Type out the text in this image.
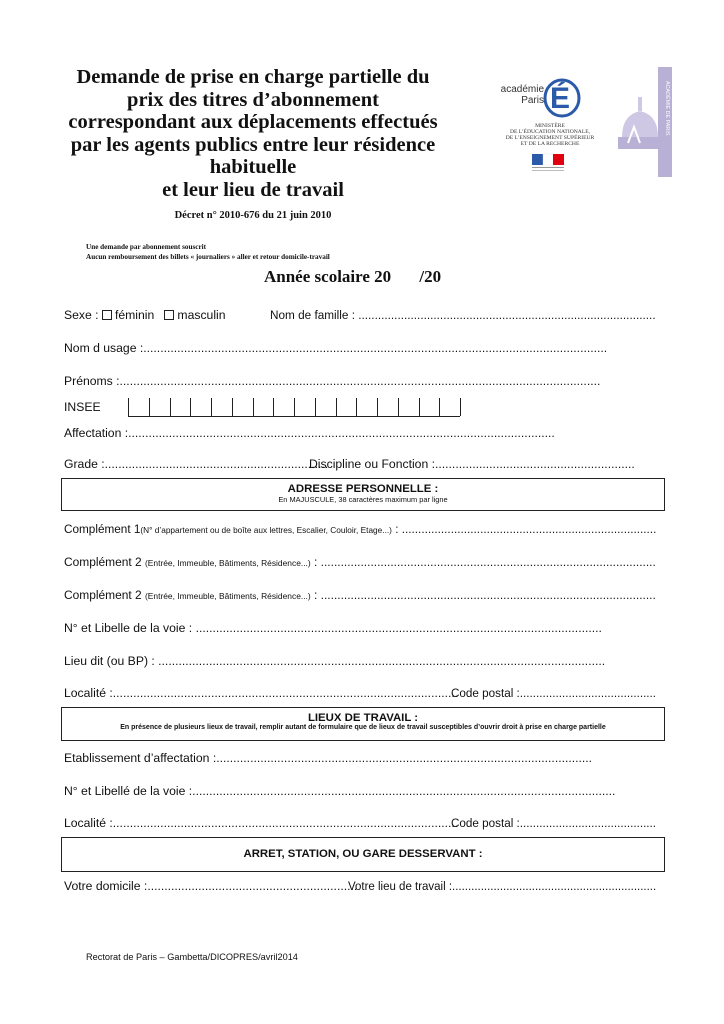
Demande de prise en charge partielle du
prix des titres d’abonnement
correspondant aux déplacements effectués
par les agents publics entre leur résidence
habituelle
et leur lieu de travail
Décret n° 2010-676 du 21 juin 2010
É
académie
Paris
MINISTÈRE
DE L’ÉDUCATION NATIONALE,
DE L’ENSEIGNEMENT SUPÉRIEUR
ET DE LA RECHERCHE
ACADÉMIE DE PARIS
Une demande par abonnement souscrit
Aucun remboursement des billets « journaliers » aller et retour domicile-travail
Année scolaire 20 /20
Sexe : féminin masculin	Nom de famille : ...........................................................................................
Nom d usage :.........................................................................................................................................
Prénoms :..............................................................................................................................................
INSEE
Affectation :..............................................................................................................................
Grade :..................................................................
Discipline ou Fonction :...........................................................
ADRESSE PERSONNELLE :
En MAJUSCULE, 38 caractères maximum par ligne
Complément 1(N° d’appartement ou de boîte aux lettres, Escalier, Couloir, Etage...) : ..............................................................................
Complément 2 (Entrée, Immeuble, Bâtiments, Résidence...) : .....................................................................................................
Complément 2 (Entrée, Immeuble, Bâtiments, Résidence...) : .....................................................................................................
N° et Libelle de la voie : ........................................................................................................................
Lieu dit (ou BP) : ....................................................................................................................................
Localité :......................................................................................................
Code postal :..........................................
LIEUX DE TRAVAIL :
En présence de plusieurs lieux de travail, remplir autant de formulaire que de lieux de travail susceptibles d’ouvrir droit à prise en charge partielle
Etablissement d’affectation :...............................................................................................................
N° et Libellé de la voie :.............................................................................................................................
Localité :......................................................................................................
Code postal :..........................................
ARRET, STATION, OU GARE DESSERVANT :
Votre domicile :..............................................................
Votre lieu de travail :................................................................
Rectorat de Paris – Gambetta/DICOPRES/avril2014
